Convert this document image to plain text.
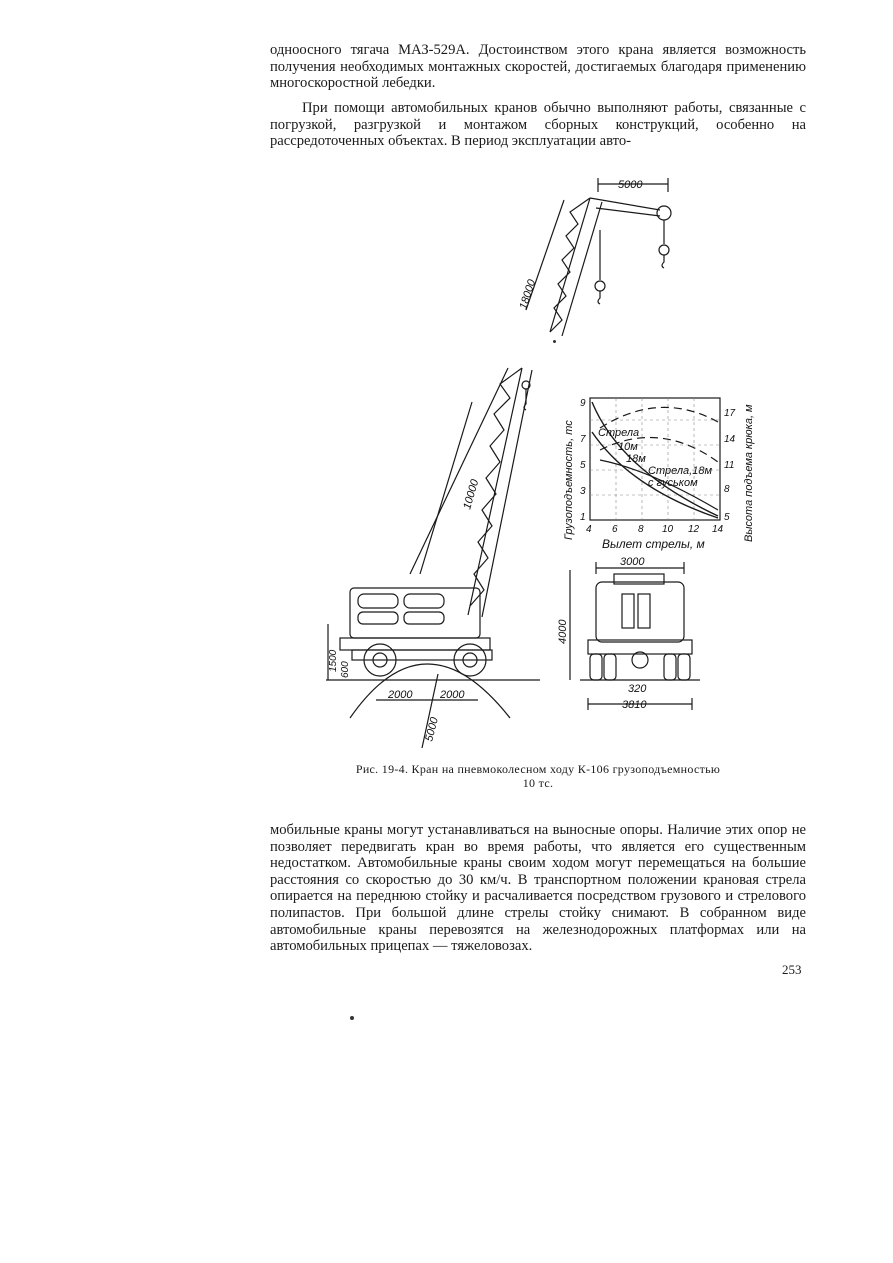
одноосного тягача МАЗ-529А. Достоинством этого крана является возможность получения необходимых монтажных скоростей, достигаемых благодаря применению многоскоростной лебедки.

При помощи автомобильных кранов обычно выполняют работы, связанные с погрузкой, разгрузкой и монтажом сборных конструкций, особенно на рассредоточенных объектах. В период эксплуатации авто-

5000
18000
10000
1500 600
2000	2000
5000
Стрела
10м
18м
Стрела,18м
с гуськом
1
3
5
7
9
5
8
11
14
17
4 6 8 10 12 14
Вылет стрелы, м
Грузоподъемность, тс	Высота подъема крюка, м
3000
4000
320
3810
Рис. 19-4. Кран на пневмоколесном ходу К-106 грузоподъемностью
10 тс.

мобильные краны могут устанавливаться на выносные опоры. Наличие этих опор не позволяет передвигать кран во время работы, что является его существенным недостатком. Автомобильные краны своим ходом могут перемещаться на большие расстояния со скоростью до 30 км/ч. В транспортном положении крановая стрела опирается на переднюю стойку и расчаливается посредством грузового и стрелового полипастов. При большой длине стрелы стойку снимают. В собранном виде автомобильные краны перевозятся на железнодорожных платформах или на автомобильных прицепах — тяжеловозах.

253
